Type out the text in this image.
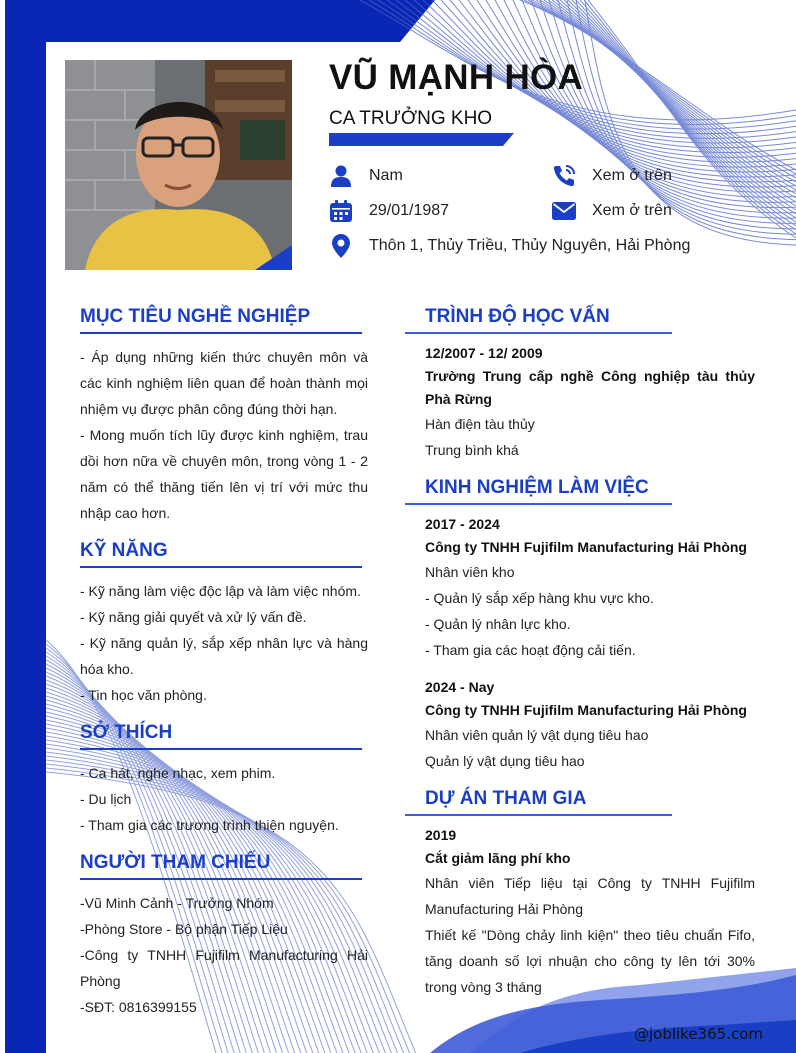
VŨ MẠNH HÒA
CA TRƯỞNG KHO
Nam
29/01/1987
Thôn 1, Thủy Triều, Thủy Nguyên, Hải Phòng
Xem ở trên
Xem ở trên
MỤC TIÊU NGHỀ NGHIỆP
- Áp dụng những kiến thức chuyên môn và các kinh nghiệm liên quan để hoàn thành mọi nhiệm vụ được phân công đúng thời hạn.
- Mong muốn tích lũy được kinh nghiệm, trau dồi hơn nữa về chuyên môn, trong vòng 1 - 2 năm có thể thăng tiến lên vị trí với mức thu nhập cao hơn.
KỸ NĂNG
- Kỹ năng làm việc độc lập và làm việc nhóm.
- Kỹ năng giải quyết và xử lý vấn đề.
- Kỹ năng quản lý, sắp xếp nhân lực và hàng hóa kho.
- Tin học văn phòng.
SỞ THÍCH
- Ca hát, nghe nhạc, xem phim.
- Du lịch
- Tham gia các trương trình thiện nguyện.
NGƯỜI THAM CHIẾU
-Vũ Minh Cảnh - Trưởng Nhóm
-Phòng Store - Bộ phận Tiếp Liệu
-Công ty TNHH Fujifilm Manufacturing Hải Phòng
-SĐT: 0816399155
TRÌNH ĐỘ HỌC VẤN
12/2007 - 12/ 2009
Trường Trung cấp nghề Công nghiệp tàu thủy Phà Rừng
Hàn điện tàu thủy
Trung bình khá
KINH NGHIỆM LÀM VIỆC
2017 - 2024
Công ty TNHH Fujifilm Manufacturing Hải Phòng
Nhân viên kho
- Quản lý sắp xếp hàng khu vực kho.
- Quản lý nhân lực kho.
- Tham gia các hoạt động cải tiến.
2024 - Nay
Công ty TNHH Fujifilm Manufacturing Hải Phòng
Nhân viên quản lý vật dụng tiêu hao
Quản lý vật dụng tiêu hao
DỰ ÁN THAM GIA
2019
Cắt giảm lãng phí kho
Nhân viên Tiếp liệu tại Công ty TNHH Fujifilm Manufacturing Hải Phòng
Thiết kế "Dòng chảy linh kiện" theo tiêu chuẩn Fifo, tăng doanh số lợi nhuận cho công ty lên tới 30% trong vòng 3 tháng
@joblike365.com
